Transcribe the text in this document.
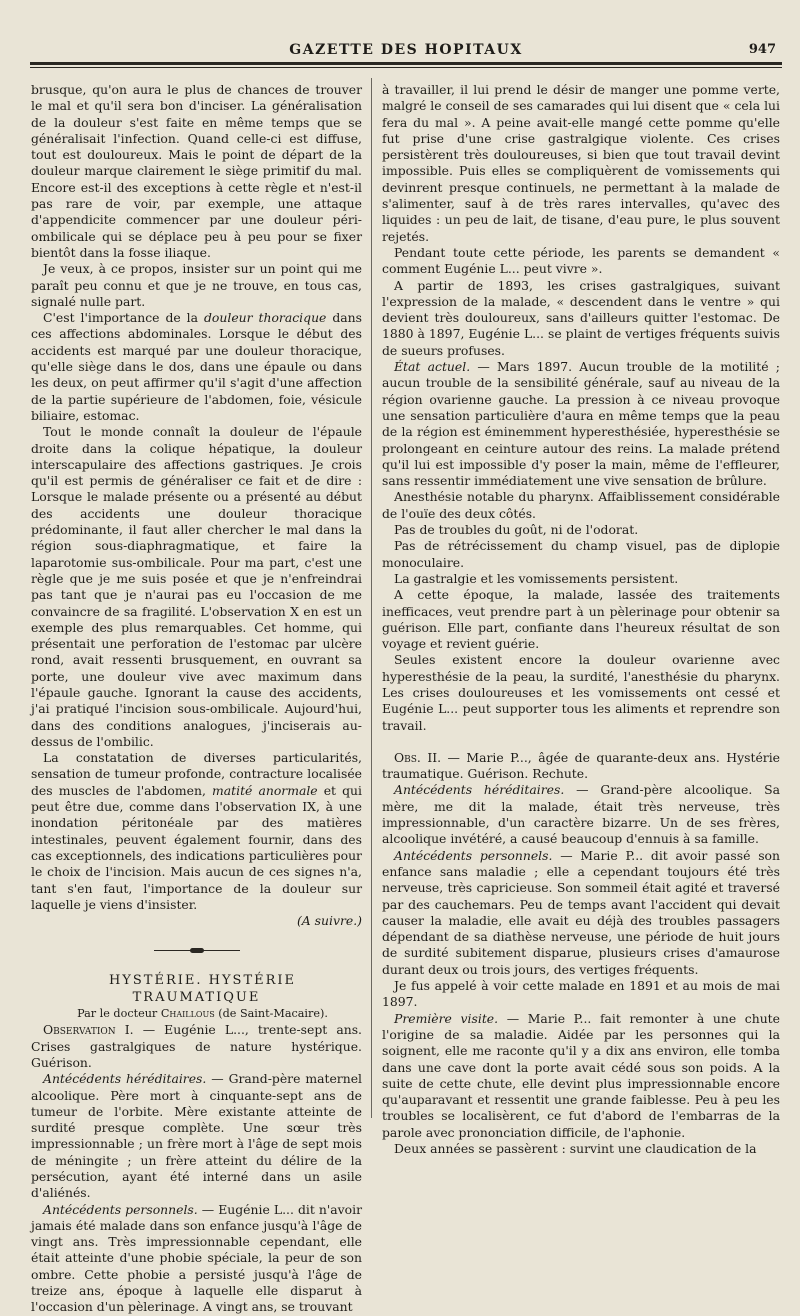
GAZETTE DES HOPITAUX	947

brusque, qu'on aura le plus de chances de trouver le mal et qu'il sera bon d'inciser. La généralisation de la douleur s'est faite en même temps que se généralisait l'infection. Quand celle-ci est diffuse, tout est douloureux. Mais le point de départ de la douleur marque clairement le siège primitif du mal. Encore est-il des exceptions à cette règle et n'est-il pas rare de voir, par exemple, une attaque d'appendicite commencer par une douleur péri-ombilicale qui se déplace peu à peu pour se fixer bientôt dans la fosse iliaque.

Je veux, à ce propos, insister sur un point qui me paraît peu connu et que je ne trouve, en tous cas, signalé nulle part.

C'est l'importance de la douleur thoracique dans ces affections abdominales. Lorsque le début des accidents est marqué par une douleur thoracique, qu'elle siège dans le dos, dans une épaule ou dans les deux, on peut affirmer qu'il s'agit d'une affection de la partie supérieure de l'abdomen, foie, vésicule biliaire, estomac.

Tout le monde connaît la douleur de l'épaule droite dans la colique hépatique, la douleur interscapulaire des affections gastriques. Je crois qu'il est permis de généraliser ce fait et de dire : Lorsque le malade présente ou a présenté au début des accidents une douleur thoracique prédominante, il faut aller chercher le mal dans la région sous-diaphragmatique, et faire la laparotomie sus-ombilicale. Pour ma part, c'est une règle que je me suis posée et que je n'enfreindrai pas tant que je n'aurai pas eu l'occasion de me convaincre de sa fragilité. L'observation X en est un exemple des plus remarquables. Cet homme, qui présentait une perforation de l'estomac par ulcère rond, avait ressenti brusquement, en ouvrant sa porte, une douleur vive avec maximum dans l'épaule gauche. Ignorant la cause des accidents, j'ai pratiqué l'incision sous-ombilicale. Aujourd'hui, dans des conditions analogues, j'inciserais au-dessus de l'ombilic.

La constatation de diverses particularités, sensation de tumeur profonde, contracture localisée des muscles de l'abdomen, matité anormale et qui peut être due, comme dans l'observation IX, à une inondation péritonéale par des matières intestinales, peuvent également fournir, dans des cas exceptionnels, des indications particulières pour le choix de l'incision. Mais aucun de ces signes n'a, tant s'en faut, l'importance de la douleur sur laquelle je viens d'insister.

(A suivre.)

HYSTÉRIE. HYSTÉRIE TRAUMATIQUE

Par le docteur Chaillous (de Saint-Macaire).

Observation I. — Eugénie L..., trente-sept ans. Crises gastralgiques de nature hystérique. Guérison.

Antécédents héréditaires. — Grand-père maternel alcoolique. Père mort à cinquante-sept ans de tumeur de l'orbite. Mère existante atteinte de surdité presque complète. Une sœur très impressionnable ; un frère mort à l'âge de sept mois de méningite ; un frère atteint du délire de la persécution, ayant été interné dans un asile d'aliénés.

Antécédents personnels. — Eugénie L... dit n'avoir jamais été malade dans son enfance jusqu'à l'âge de vingt ans. Très impressionnable cependant, elle était atteinte d'une phobie spéciale, la peur de son ombre. Cette phobie a persisté jusqu'à l'âge de treize ans, époque à laquelle elle disparut à l'occasion d'un pèlerinage. A vingt ans, se trouvant

à travailler, il lui prend le désir de manger une pomme verte, malgré le conseil de ses camarades qui lui disent que « cela lui fera du mal ». A peine avait-elle mangé cette pomme qu'elle fut prise d'une crise gastralgique violente. Ces crises persistèrent très douloureuses, si bien que tout travail devint impossible. Puis elles se compliquèrent de vomissements qui devinrent presque continuels, ne permettant à la malade de s'alimenter, sauf à de très rares intervalles, qu'avec des liquides : un peu de lait, de tisane, d'eau pure, le plus souvent rejetés.

Pendant toute cette période, les parents se demandent « comment Eugénie L... peut vivre ».

A partir de 1893, les crises gastralgiques, suivant l'expression de la malade, « descendent dans le ventre » qui devient très douloureux, sans d'ailleurs quitter l'estomac. De 1880 à 1897, Eugénie L... se plaint de vertiges fréquents suivis de sueurs profuses.

État actuel. — Mars 1897. Aucun trouble de la motilité ; aucun trouble de la sensibilité générale, sauf au niveau de la région ovarienne gauche. La pression à ce niveau provoque une sensation particulière d'aura en même temps que la peau de la région est éminemment hyperesthésiée, hyperesthésie se prolongeant en ceinture autour des reins. La malade prétend qu'il lui est impossible d'y poser la main, même de l'effleurer, sans ressentir immédiatement une vive sensation de brûlure.

Anesthésie notable du pharynx. Affaiblissement considérable de l'ouïe des deux côtés.

Pas de troubles du goût, ni de l'odorat.

Pas de rétrécissement du champ visuel, pas de diplopie monoculaire.

La gastralgie et les vomissements persistent.

A cette époque, la malade, lassée des traitements inefficaces, veut prendre part à un pèlerinage pour obtenir sa guérison. Elle part, confiante dans l'heureux résultat de son voyage et revient guérie.

Seules existent encore la douleur ovarienne avec hyperesthésie de la peau, la surdité, l'anesthésie du pharynx. Les crises douloureuses et les vomissements ont cessé et Eugénie L... peut supporter tous les aliments et reprendre son travail.

Obs. II. — Marie P..., âgée de quarante-deux ans. Hystérie traumatique. Guérison. Rechute.

Antécédents héréditaires. — Grand-père alcoolique. Sa mère, me dit la malade, était très nerveuse, très impressionnable, d'un caractère bizarre. Un de ses frères, alcoolique invétéré, a causé beaucoup d'ennuis à sa famille.

Antécédents personnels. — Marie P... dit avoir passé son enfance sans maladie ; elle a cependant toujours été très nerveuse, très capricieuse. Son sommeil était agité et traversé par des cauchemars. Peu de temps avant l'accident qui devait causer la maladie, elle avait eu déjà des troubles passagers dépendant de sa diathèse nerveuse, une période de huit jours de surdité subitement disparue, plusieurs crises d'amaurose durant deux ou trois jours, des vertiges fréquents.

Je fus appelé à voir cette malade en 1891 et au mois de mai 1897.

Première visite. — Marie P... fait remonter à une chute l'origine de sa maladie. Aidée par les personnes qui la soignent, elle me raconte qu'il y a dix ans environ, elle tomba dans une cave dont la porte avait cédé sous son poids. A la suite de cette chute, elle devint plus impressionnable encore qu'auparavant et ressentit une grande faiblesse. Peu à peu les troubles se localisèrent, ce fut d'abord de l'embarras de la parole avec prononciation difficile, de l'aphonie.

Deux années se passèrent : survint une claudication de la
